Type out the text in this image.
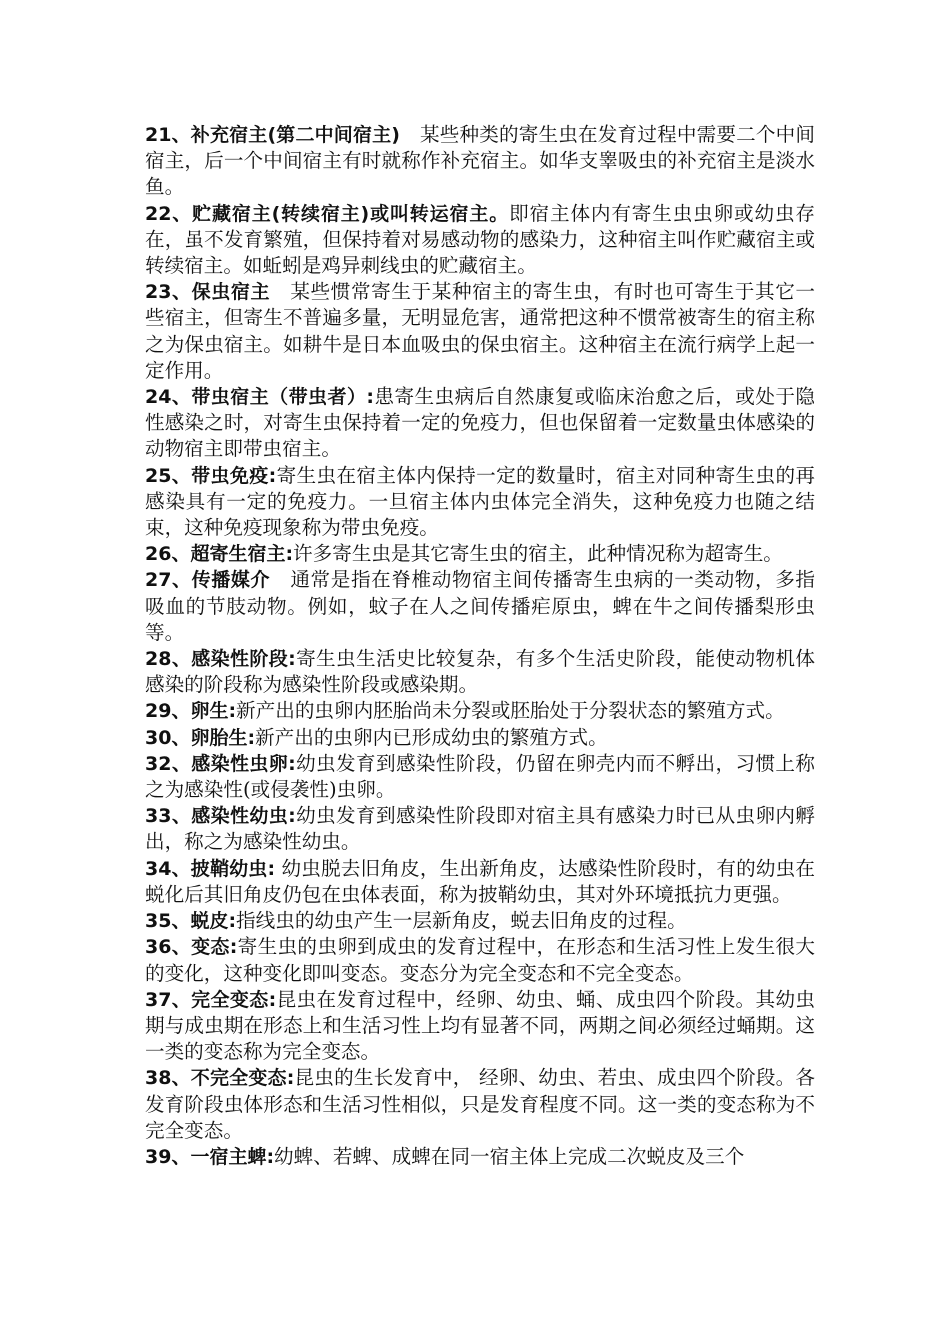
21、补充宿主(第二中间宿主)　 某些种类的寄生虫在发育过程中需要二个中间宿主，后一个中间宿主有时就称作补充宿主。如华支睾吸虫的补充宿主是淡水鱼。

22、贮藏宿主(转续宿主)或叫转运宿主。即宿主体内有寄生虫虫卵或幼虫存在，虽不发育繁殖，但保持着对易感动物的感染力，这种宿主叫作贮藏宿主或转续宿主。如蚯蚓是鸡异刺线虫的贮藏宿主。

23、保虫宿主　 某些惯常寄生于某种宿主的寄生虫，有时也可寄生于其它一些宿主，但寄生不普遍多量，无明显危害，通常把这种不惯常被寄生的宿主称之为保虫宿主。如耕牛是日本血吸虫的保虫宿主。这种宿主在流行病学上起一定作用。

24、带虫宿主（带虫者）:患寄生虫病后自然康复或临床治愈之后，或处于隐性感染之时，对寄生虫保持着一定的免疫力，但也保留着一定数量虫体感染的动物宿主即带虫宿主。

25、带虫免疫:寄生虫在宿主体内保持一定的数量时，宿主对同种寄生虫的再感染具有一定的免疫力。一旦宿主体内虫体完全消失，这种免疫力也随之结束，这种免疫现象称为带虫免疫。

26、超寄生宿主:许多寄生虫是其它寄生虫的宿主，此种情况称为超寄生。

27、传播媒介　 通常是指在脊椎动物宿主间传播寄生虫病的一类动物，多指吸血的节肢动物。例如，蚊子在人之间传播疟原虫，蜱在牛之间传播梨形虫等。

28、感染性阶段:寄生虫生活史比较复杂，有多个生活史阶段，能使动物机体感染的阶段称为感染性阶段或感染期。

29、卵生:新产出的虫卵内胚胎尚未分裂或胚胎处于分裂状态的繁殖方式。

30、卵胎生:新产出的虫卵内已形成幼虫的繁殖方式。

32、感染性虫卵:幼虫发育到感染性阶段，仍留在卵壳内而不孵出，习惯上称之为感染性(或侵袭性)虫卵。

33、感染性幼虫:幼虫发育到感染性阶段即对宿主具有感染力时已从虫卵内孵出，称之为感染性幼虫。

34、披鞘幼虫: 幼虫脱去旧角皮，生出新角皮，达感染性阶段时，有的幼虫在蜕化后其旧角皮仍包在虫体表面，称为披鞘幼虫，其对外环境抵抗力更强。

35、蜕皮:指线虫的幼虫产生一层新角皮，蜕去旧角皮的过程。

36、变态:寄生虫的虫卵到成虫的发育过程中，在形态和生活习性上发生很大的变化，这种变化即叫变态。变态分为完全变态和不完全变态。

37、完全变态:昆虫在发育过程中，经卵、幼虫、蛹、成虫四个阶段。其幼虫期与成虫期在形态上和生活习性上均有显著不同，两期之间必须经过蛹期。这一类的变态称为完全变态。

38、不完全变态:昆虫的生长发育中， 经卵、幼虫、若虫、成虫四个阶段。各发育阶段虫体形态和生活习性相似，只是发育程度不同。这一类的变态称为不完全变态。

39、一宿主蜱:幼蜱、若蜱、成蜱在同一宿主体上完成二次蜕皮及三个
